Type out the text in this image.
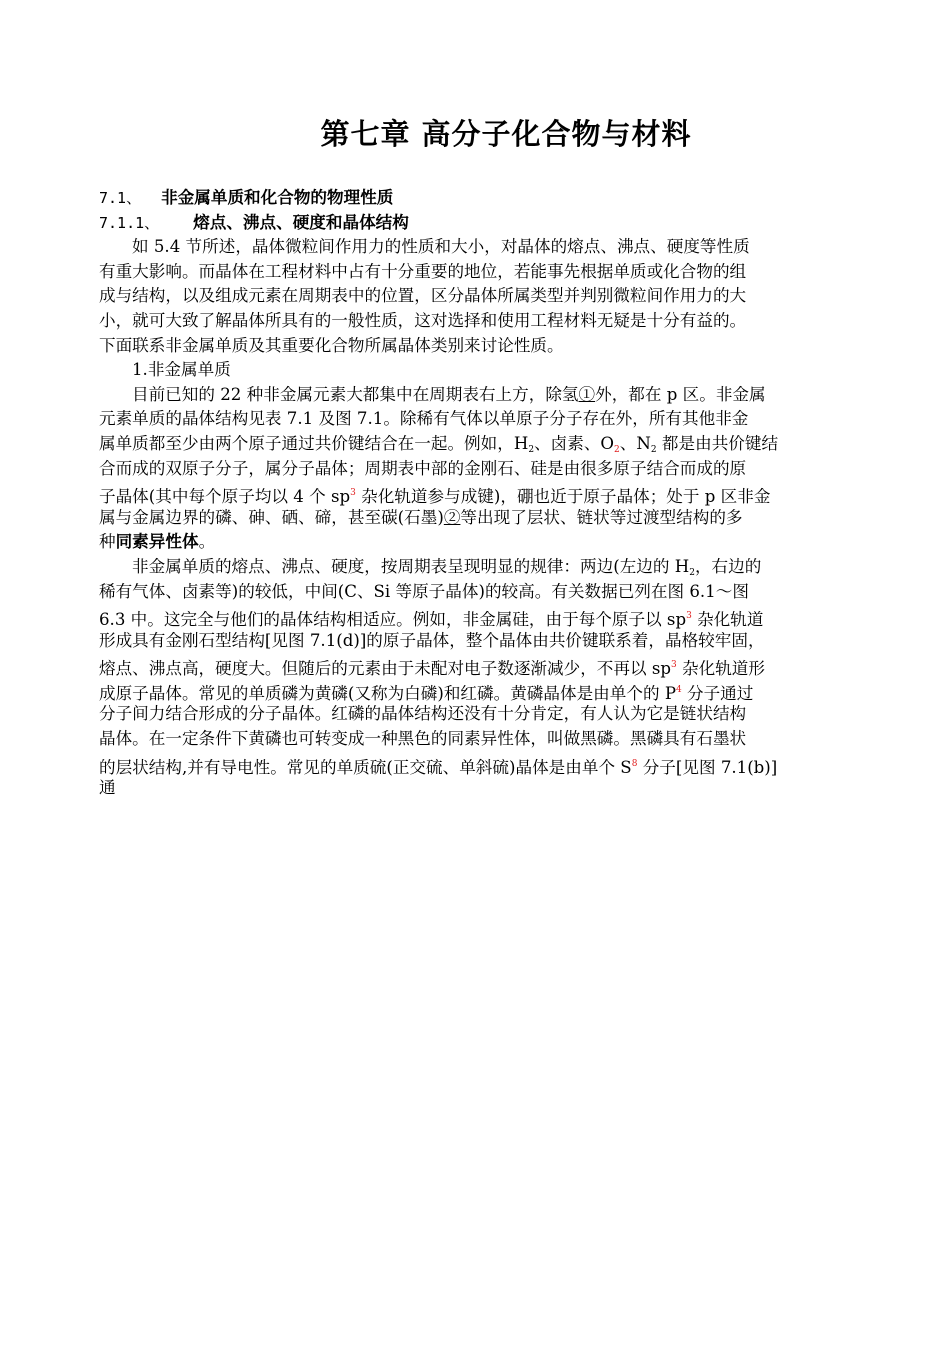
第七章 高分子化合物与材料
7.1、 非金属单质和化合物的物理性质
7.1.1、 熔点、沸点、硬度和晶体结构
如 5.4 节所述，晶体微粒间作用力的性质和大小，对晶体的熔点、沸点、硬度等性质
有重大影响。而晶体在工程材料中占有十分重要的地位，若能事先根据单质或化合物的组
成与结构，以及组成元素在周期表中的位置，区分晶体所属类型并判别微粒间作用力的大
小，就可大致了解晶体所具有的一般性质，这对选择和使用工程材料无疑是十分有益的。
下面联系非金属单质及其重要化合物所属晶体类别来讨论性质。
1.非金属单质
目前已知的 22 种非金属元素大都集中在周期表右上方，除氢①外，都在 p 区。非金属
元素单质的晶体结构见表 7.1 及图 7.1。除稀有气体以单原子分子存在外，所有其他非金
属单质都至少由两个原子通过共价键结合在一起。例如，$H_2$、卤素、$O_2$、$N_2$ 都是由共价键结
合而成的双原子分子，属分子晶体；周期表中部的金刚石、硅是由很多原子结合而成的原
子晶体(其中每个原子均以 4 个 $sp^3$ 杂化轨道参与成键)，硼也近于原子晶体；处于 p 区非金
属与金属边界的磷、砷、硒、碲，甚至碳(石墨)②等出现了层状、链状等过渡型结构的多
种同素异性体。
非金属单质的熔点、沸点、硬度，按周期表呈现明显的规律：两边(左边的 $H_2$，右边的
稀有气体、卤素等)的较低，中间(C、Si 等原子晶体)的较高。有关数据已列在图 6.1～图
6.3 中。这完全与他们的晶体结构相适应。例如，非金属硅，由于每个原子以 $sp^3$ 杂化轨道
形成具有金刚石型结构[见图 7.1(d)]的原子晶体，整个晶体由共价键联系着，晶格较牢固，
熔点、沸点高，硬度大。但随后的元素由于未配对电子数逐渐减少，不再以 $sp^3$ 杂化轨道形
成原子晶体。常见的单质磷为黄磷(又称为白磷)和红磷。黄磷晶体是由单个的 $P^4$ 分子通过
分子间力结合形成的分子晶体。红磷的晶体结构还没有十分肯定，有人认为它是链状结构
晶体。在一定条件下黄磷也可转变成一种黑色的同素异性体，叫做黑磷。黑磷具有石墨状
的层状结构,并有导电性。常见的单质硫(正交硫、单斜硫)晶体是由单个 $S^8$ 分子[见图 7.1(b)]
通
